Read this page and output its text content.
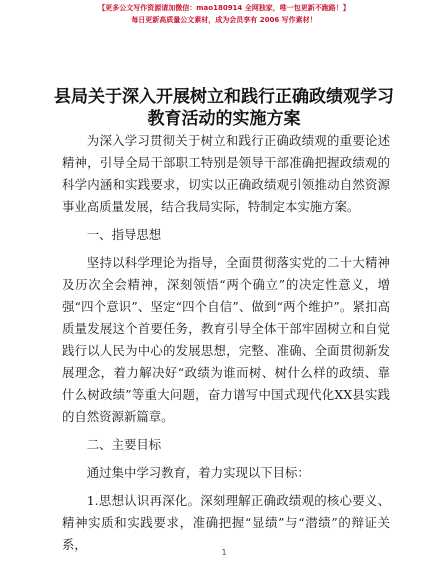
【更多公文写作资源请加微信：mao180914 全网独家，唯一包更新不跑路！】
每日更新高质量公文素材，成为会员享有 2006 写作素材！
县局关于深入开展树立和践行正确政绩观学习
教育活动的实施方案

为深入学习贯彻关于树立和践行正确政绩观的重要论述精神，引导全局干部职工特别是领导干部准确把握政绩观的科学内涵和实践要求，切实以正确政绩观引领推动自然资源事业高质量发展，结合我局实际，特制定本实施方案。

一、指导思想

坚持以科学理论为指导，全面贯彻落实党的二十大精神及历次全会精神，深刻领悟“两个确立”的决定性意义，增强“四个意识”、坚定“四个自信”、做到“两个维护”。紧扣高质量发展这个首要任务，教育引导全体干部牢固树立和自觉践行以人民为中心的发展思想，完整、准确、全面贯彻新发展理念，着力解决好“政绩为谁而树、树什么样的政绩、靠什么树政绩”等重大问题，奋力谱写中国式现代化XX县实践的自然资源新篇章。

二、主要目标

通过集中学习教育，着力实现以下目标：

1.思想认识再深化。深刻理解正确政绩观的核心要义、精神实质和实践要求，准确把握“显绩”与“潜绩”的辩证关系，

1
